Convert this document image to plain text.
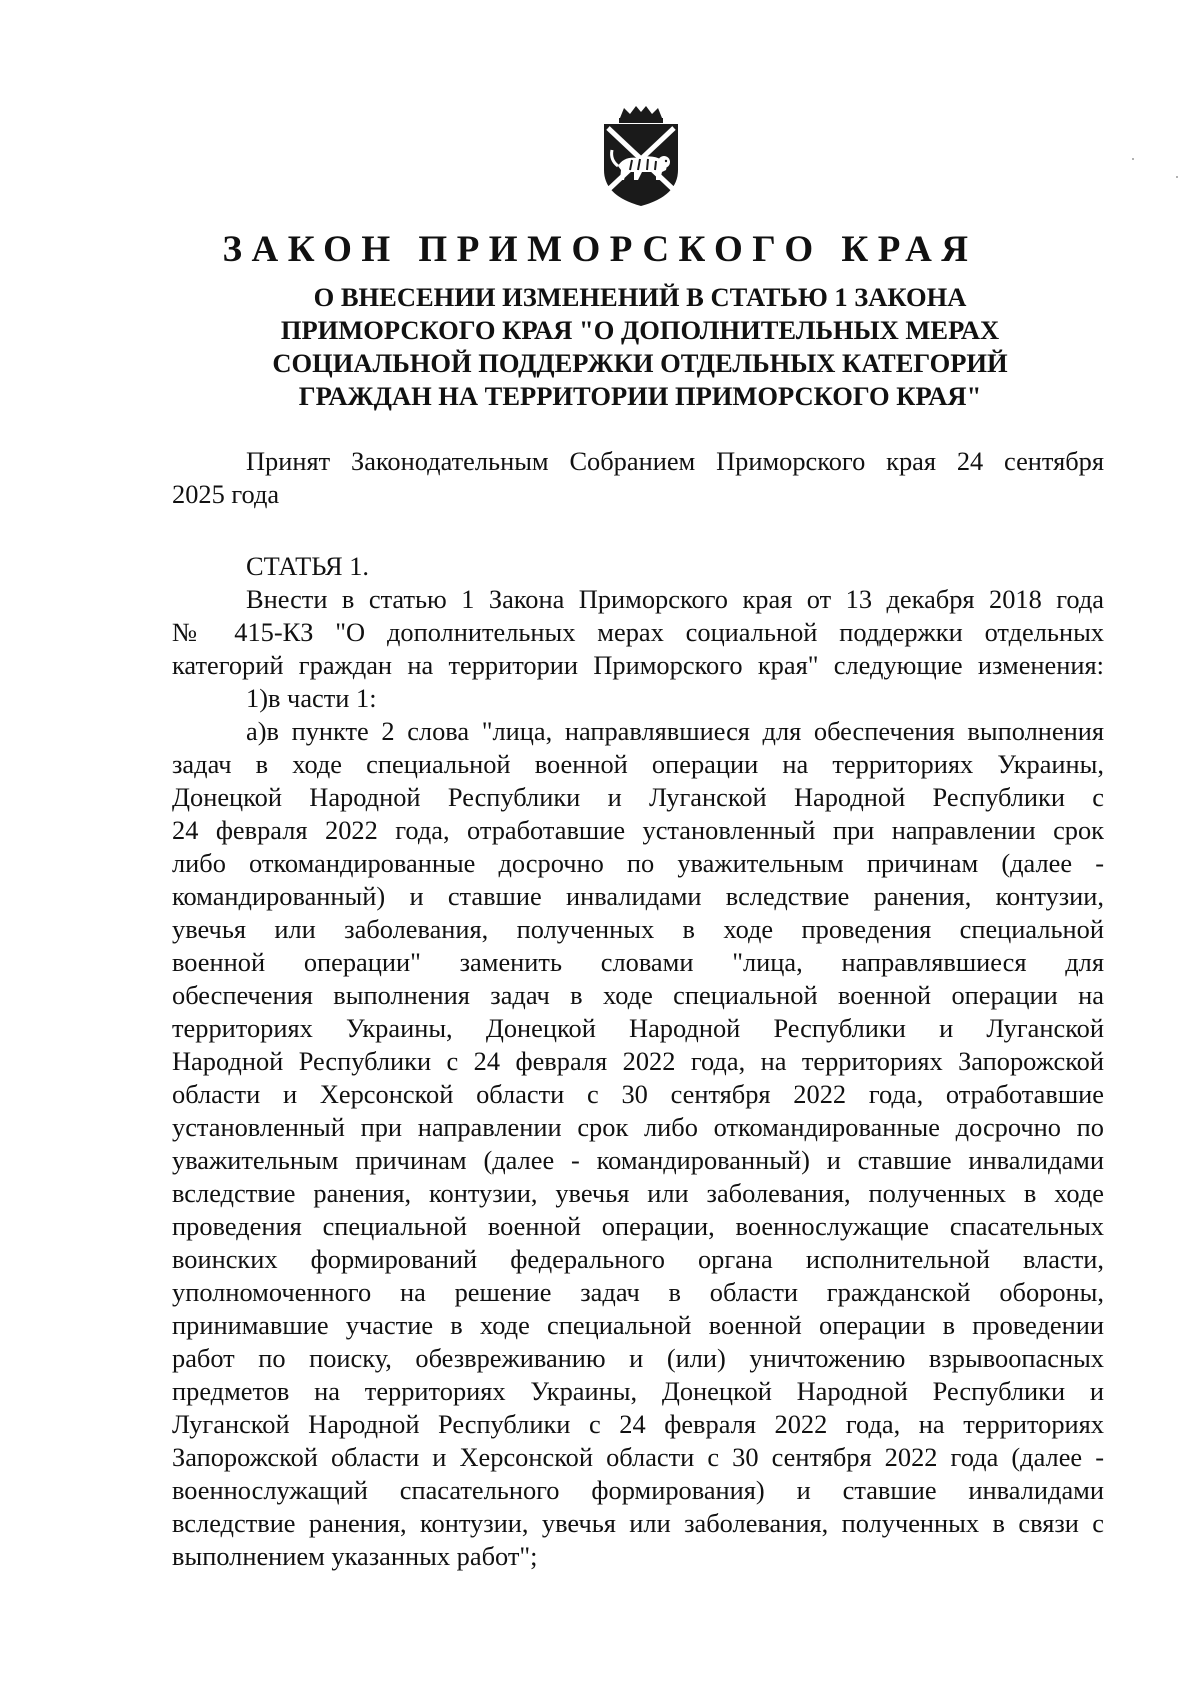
ЗАКОН ПРИМОРСКОГО КРАЯ
О ВНЕСЕНИИ ИЗМЕНЕНИЙ В СТАТЬЮ 1 ЗАКОНА
ПРИМОРСКОГО КРАЯ "О ДОПОЛНИТЕЛЬНЫХ МЕРАХ
СОЦИАЛЬНОЙ ПОДДЕРЖКИ ОТДЕЛЬНЫХ КАТЕГОРИЙ
ГРАЖДАН НА ТЕРРИТОРИИ ПРИМОРСКОГО КРАЯ"
Принят Законодательным Собранием Приморского края 24 сентября
2025 года
СТАТЬЯ 1.
Внести в статью 1 Закона Приморского края от 13 декабря 2018 года
№ 415-КЗ "О дополнительных мерах социальной поддержки отдельных
категорий граждан на территории Приморского края" следующие изменения:
1)в части 1:
а)в пункте 2 слова "лица, направлявшиеся для обеспечения выполнения
задач в ходе специальной военной операции на территориях Украины,
Донецкой Народной Республики и Луганской Народной Республики с
24 февраля 2022 года, отработавшие установленный при направлении срок
либо откомандированные досрочно по уважительным причинам (далее -
командированный) и ставшие инвалидами вследствие ранения, контузии,
увечья или заболевания, полученных в ходе проведения специальной
военной операции" заменить словами "лица, направлявшиеся для
обеспечения выполнения задач в ходе специальной военной операции на
территориях Украины, Донецкой Народной Республики и Луганской
Народной Республики с 24 февраля 2022 года, на территориях Запорожской
области и Херсонской области с 30 сентября 2022 года, отработавшие
установленный при направлении срок либо откомандированные досрочно по
уважительным причинам (далее - командированный) и ставшие инвалидами
вследствие ранения, контузии, увечья или заболевания, полученных в ходе
проведения специальной военной операции, военнослужащие спасательных
воинских формирований федерального органа исполнительной власти,
уполномоченного на решение задач в области гражданской обороны,
принимавшие участие в ходе специальной военной операции в проведении
работ по поиску, обезвреживанию и (или) уничтожению взрывоопасных
предметов на территориях Украины, Донецкой Народной Республики и
Луганской Народной Республики с 24 февраля 2022 года, на территориях
Запорожской области и Херсонской области с 30 сентября 2022 года (далее -
военнослужащий спасательного формирования) и ставшие инвалидами
вследствие ранения, контузии, увечья или заболевания, полученных в связи с
выполнением указанных работ";
